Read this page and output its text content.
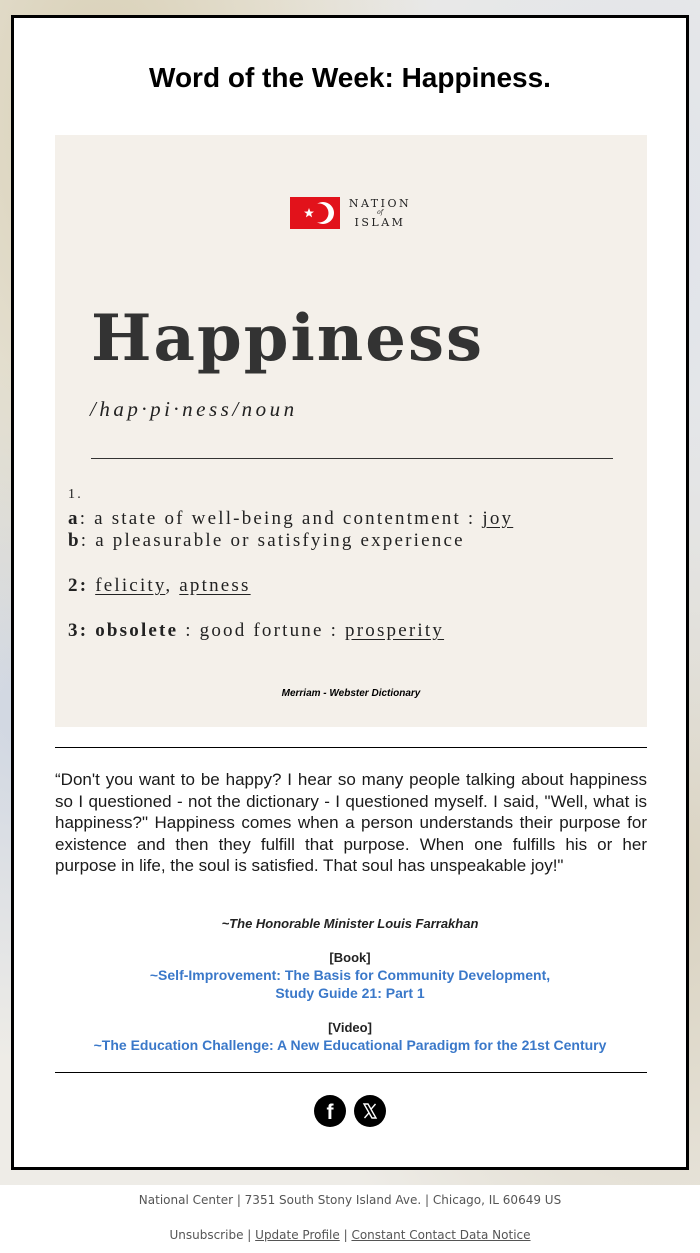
Word of the Week: Happiness.
NATION
of
ISLAM
Happiness
/hap·pi·ness/noun
1.
a: a state of well-being and contentment : joy
b: a pleasurable or satisfying experience
2: felicity, aptness
3: obsolete : good fortune : prosperity
Merriam - Webster Dictionary

“Don't you want to be happy? I hear so many people talking about happiness so I questioned - not the dictionary - I questioned myself. I said, "Well, what is happiness?" Happiness comes when a person understands their purpose for existence and then they fulfill that purpose. When one fulfills his or her purpose in life, the soul is satisfied. That soul has unspeakable joy!"

~The Honorable Minister Louis Farrakhan
[Book]
~Self-Improvement: The Basis for Community Development,
Study Guide 21: Part 1
[Video]
~The Education Challenge: A New Educational Paradigm for the 21st Century
f
National Center | 7351 South Stony Island Ave. | Chicago, IL 60649 US
Unsubscribe | Update Profile | Constant Contact Data Notice
